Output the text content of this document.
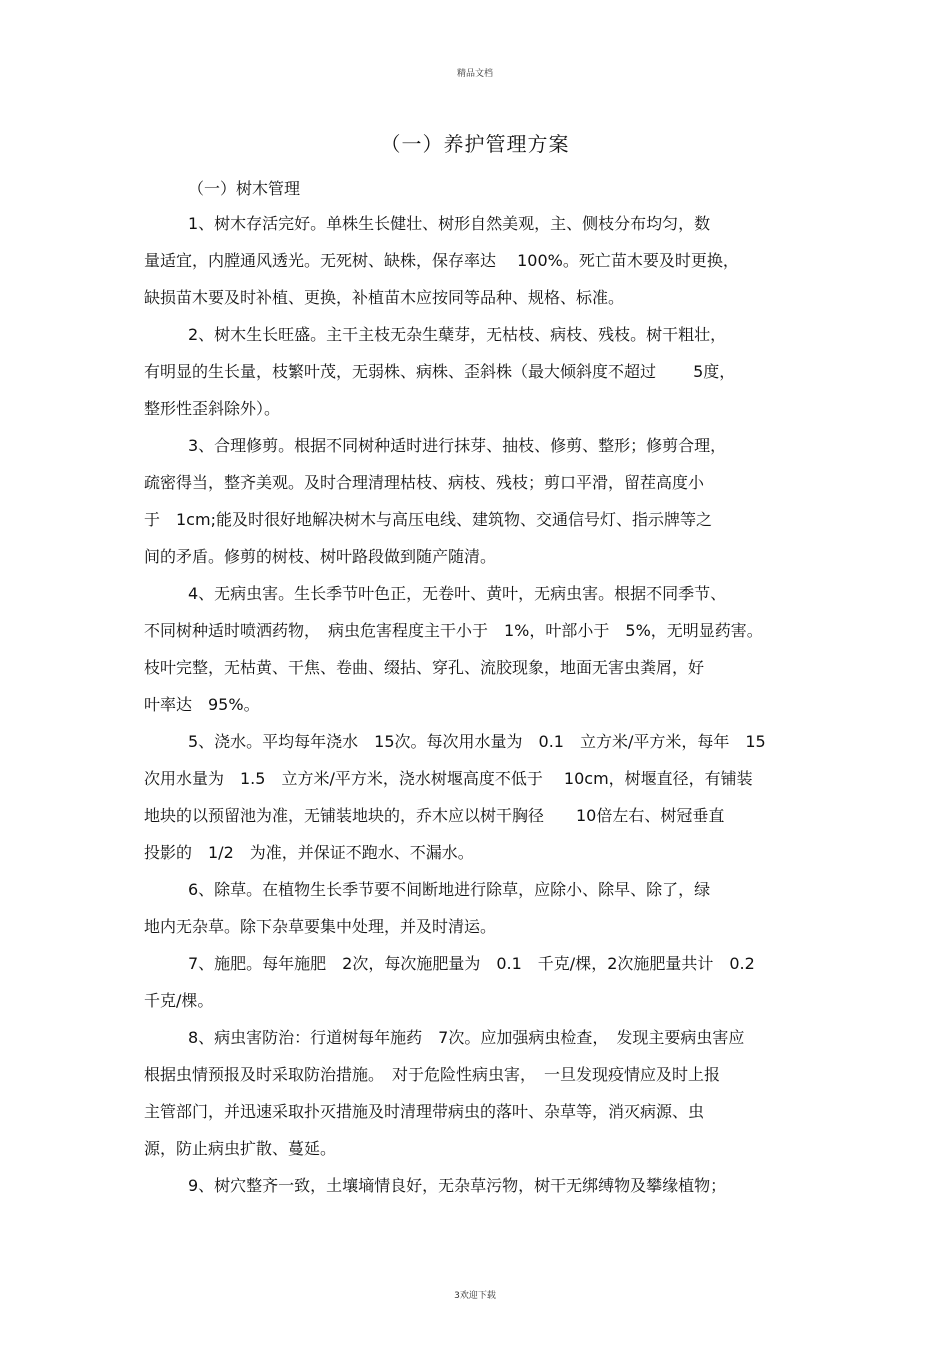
精品文档
（一）养护管理方案
（一）树木管理
1、树木存活完好。单株生长健壮、树形自然美观，主、侧枝分布均匀，数
量适宜，内膛通风透光。无死树、缺株，保存率达　 100%。死亡苗木要及时更换，
缺损苗木要及时补植、更换，补植苗木应按同等品种、规格、标准。
2、树木生长旺盛。主干主枝无杂生蘖芽，无枯枝、病枝、残枝。树干粗壮，
有明显的生长量，枝繁叶茂，无弱株、病株、歪斜株（最大倾斜度不超过　　 5度，
整形性歪斜除外）。
3、合理修剪。根据不同树种适时进行抹芽、抽枝、修剪、整形；修剪合理，
疏密得当，整齐美观。及时合理清理枯枝、病枝、残枝；剪口平滑，留茬高度小
于　1cm;能及时很好地解决树木与高压电线、建筑物、交通信号灯、指示牌等之
间的矛盾。修剪的树枝、树叶路段做到随产随清。
4、无病虫害。生长季节叶色正，无卷叶、黄叶，无病虫害。根据不同季节、
不同树种适时喷洒药物，　病虫危害程度主干小于　1%，叶部小于　5%，无明显药害。
枝叶完整，无枯黄、干焦、卷曲、缀拈、穿孔、流胶现象，地面无害虫粪屑，好
叶率达　95%。
5、浇水。平均每年浇水　15次。每次用水量为　0.1　立方米/平方米，每年　15
次用水量为　1.5　立方米/平方米，浇水树堰高度不低于　 10cm，树堰直径，有铺装
地块的以预留池为准，无铺装地块的，乔木应以树干胸径　　10倍左右、树冠垂直
投影的　1/2　为准，并保证不跑水、不漏水。
6、除草。在植物生长季节要不间断地进行除草，应除小、除早、除了，绿
地内无杂草。除下杂草要集中处理，并及时清运。
7、施肥。每年施肥　2次，每次施肥量为　0.1　千克/棵，2次施肥量共计　0.2
千克/棵。
8、病虫害防治：行道树每年施药　7次。应加强病虫检查，　发现主要病虫害应
根据虫情预报及时采取防治措施。　对于危险性病虫害，　一旦发现疫情应及时上报
主管部门，并迅速采取扑灭措施及时清理带病虫的落叶、杂草等，消灭病源、虫
源，防止病虫扩散、蔓延。
9、树穴整齐一致，土壤墒情良好，无杂草污物，树干无绑缚物及攀缘植物；
3欢迎下载
